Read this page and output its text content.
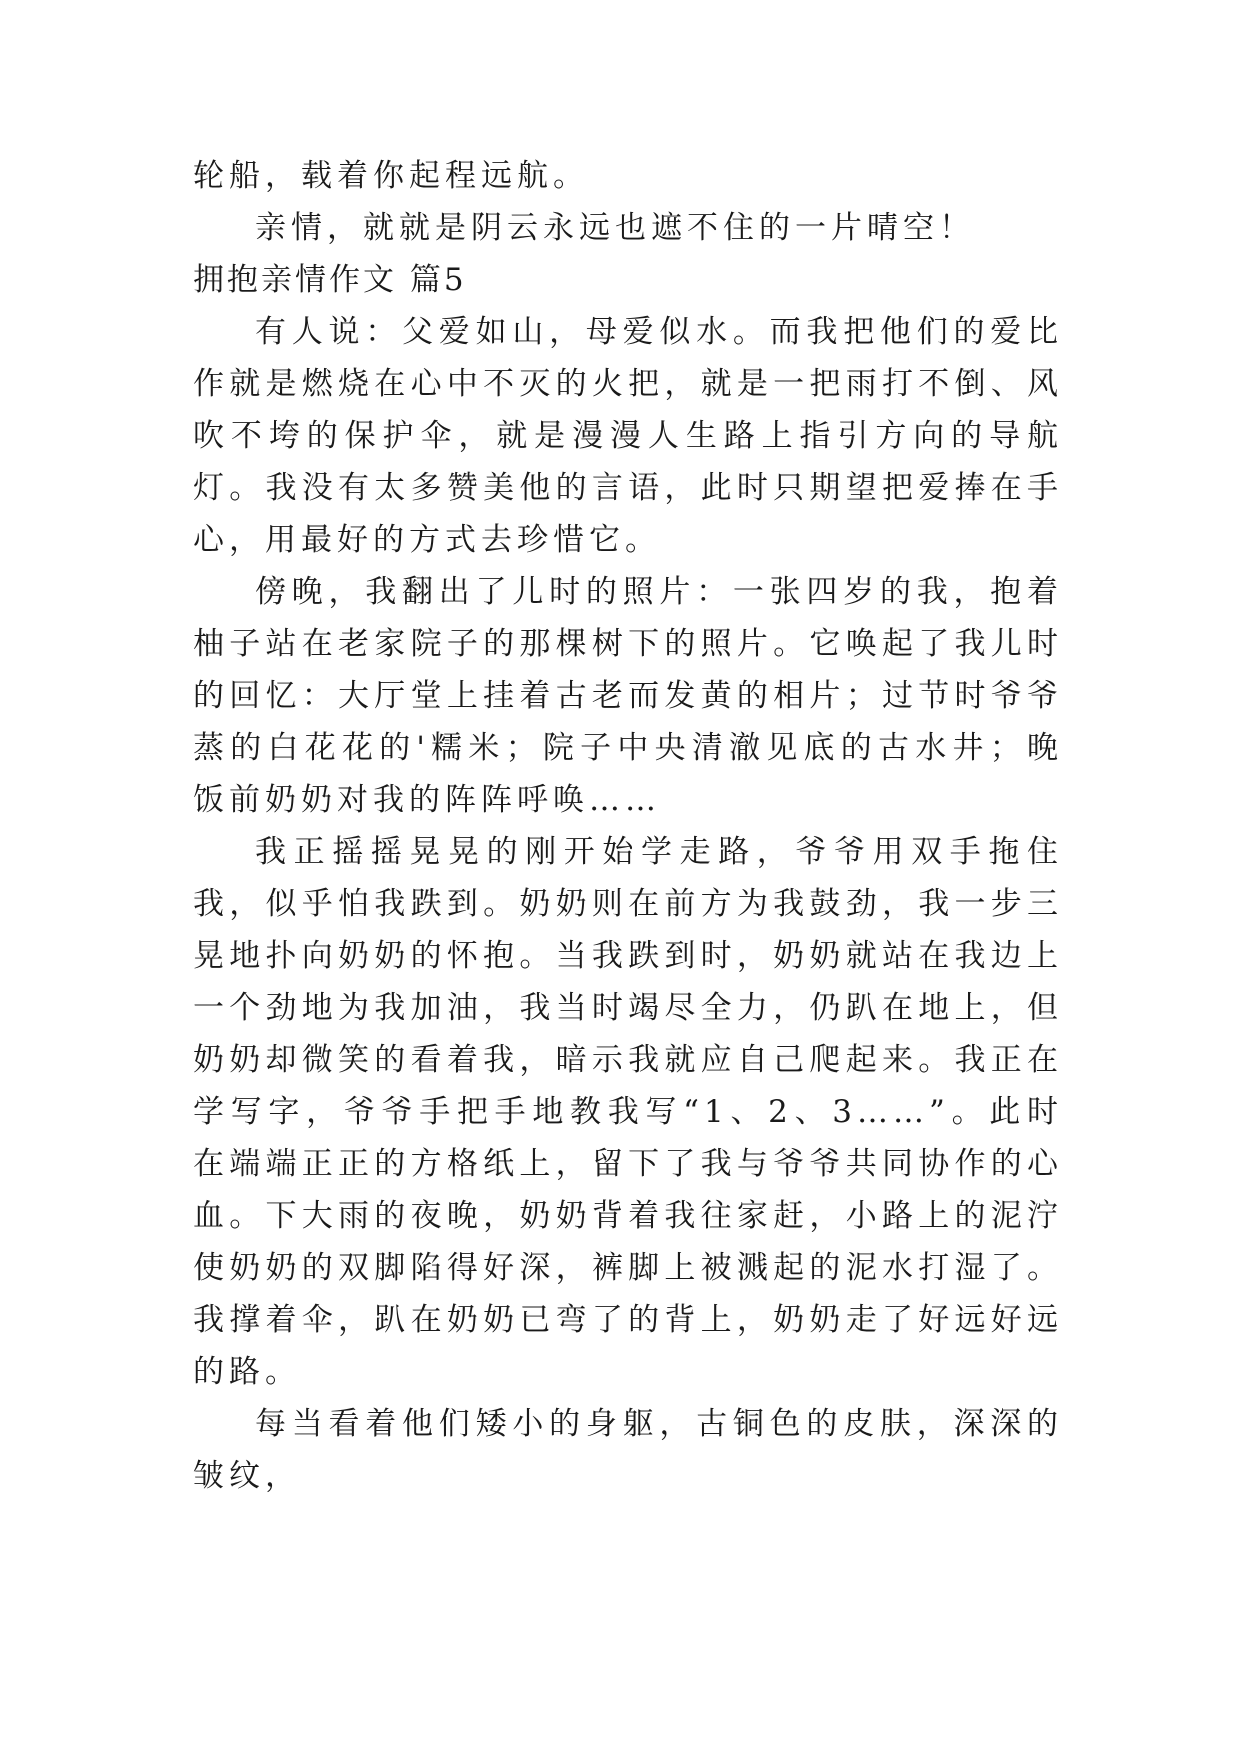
轮船，载着你起程远航。

亲情，就就是阴云永远也遮不住的一片晴空！

拥抱亲情作文 篇5

有人说：父爱如山，母爱似水。而我把他们的爱比作就是燃烧在心中不灭的火把，就是一把雨打不倒、风吹不垮的保护伞，就是漫漫人生路上指引方向的导航灯。我没有太多赞美他的言语，此时只期望把爱捧在手心，用最好的方式去珍惜它。

傍晚，我翻出了儿时的照片：一张四岁的我，抱着柚子站在老家院子的那棵树下的照片。它唤起了我儿时的回忆：大厅堂上挂着古老而发黄的相片；过节时爷爷蒸的白花花的'糯米；院子中央清澈见底的古水井；晚饭前奶奶对我的阵阵呼唤……

我正摇摇晃晃的刚开始学走路，爷爷用双手拖住我，似乎怕我跌到。奶奶则在前方为我鼓劲，我一步三晃地扑向奶奶的怀抱。当我跌到时，奶奶就站在我边上一个劲地为我加油，我当时竭尽全力，仍趴在地上，但奶奶却微笑的看着我，暗示我就应自己爬起来。我正在学写字，爷爷手把手地教我写“1、2、3……”。此时在端端正正的方格纸上，留下了我与爷爷共同协作的心血。下大雨的夜晚，奶奶背着我往家赶，小路上的泥泞使奶奶的双脚陷得好深，裤脚上被溅起的泥水打湿了。我撑着伞，趴在奶奶已弯了的背上，奶奶走了好远好远的路。

每当看着他们矮小的身躯，古铜色的皮肤，深深的皱纹，
